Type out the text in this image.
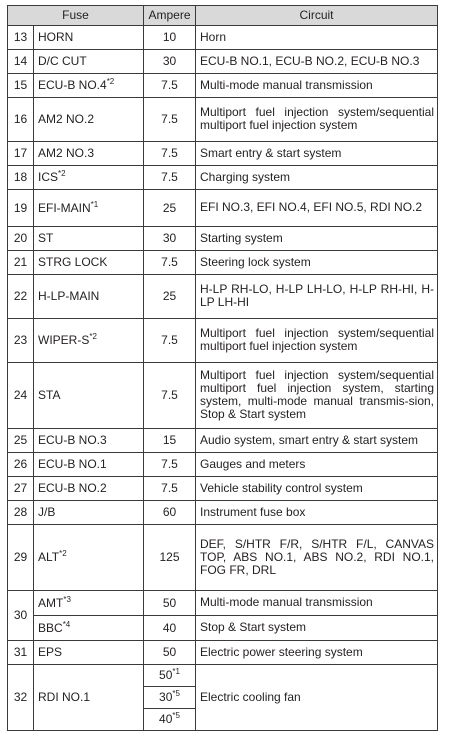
Fuse		Ampere	Circuit
13	HORN	10	Horn
14	D/C CUT	30	ECU-B NO.1, ECU-B NO.2, ECU-B NO.3
15	ECU-B NO.4$^{*2}$	7.5	Multi-mode manual transmission
16	AM2 NO.2	7.5	Multiport fuel injection system/sequential multiport fuel injection system
17	AM2 NO.3	7.5	Smart entry & start system
18	ICS$^{*2}$	7.5	Charging system
19	EFI-MAIN$^{*1}$	25	EFI NO.3, EFI NO.4, EFI NO.5, RDI NO.2
20	ST	30	Starting system
21	STRG LOCK	7.5	Steering lock system
22	H-LP-MAIN	25	H-LP RH-LO, H-LP LH-LO, H-LP RH-HI, H-LP LH-HI
23	WIPER-$S^{*2}$	7.5	Multiport fuel injection system/sequential multiport fuel injection system
24	STA	7.5	Multiport fuel injection system/sequential multiport fuel injection system, starting system, multi-mode manual transmis-sion, Stop & Start system
25	ECU-B NO.3	15	Audio system, smart entry & start system
26	ECU-B NO.1	7.5	Gauges and meters
27	ECU-B NO.2	7.5	Vehicle stability control system
28	J/B	60	Instrument fuse box
29	ALT$^{*2}$	125	DEF, S/HTR F/R, S/HTR F/L, CANVAS TOP, ABS NO.1, ABS NO.2, RDI NO.1, FOG FR, DRL
30	AMT$^{*3}$	50	Multi-mode manual transmission
	BBC$^{*4}$	40	Stop & Start system
31	EPS	50	Electric power steering system
32	RDI NO.1	50$^{*1}$	Electric cooling fan
		30$^{*5}$
		40$^{*5}$
